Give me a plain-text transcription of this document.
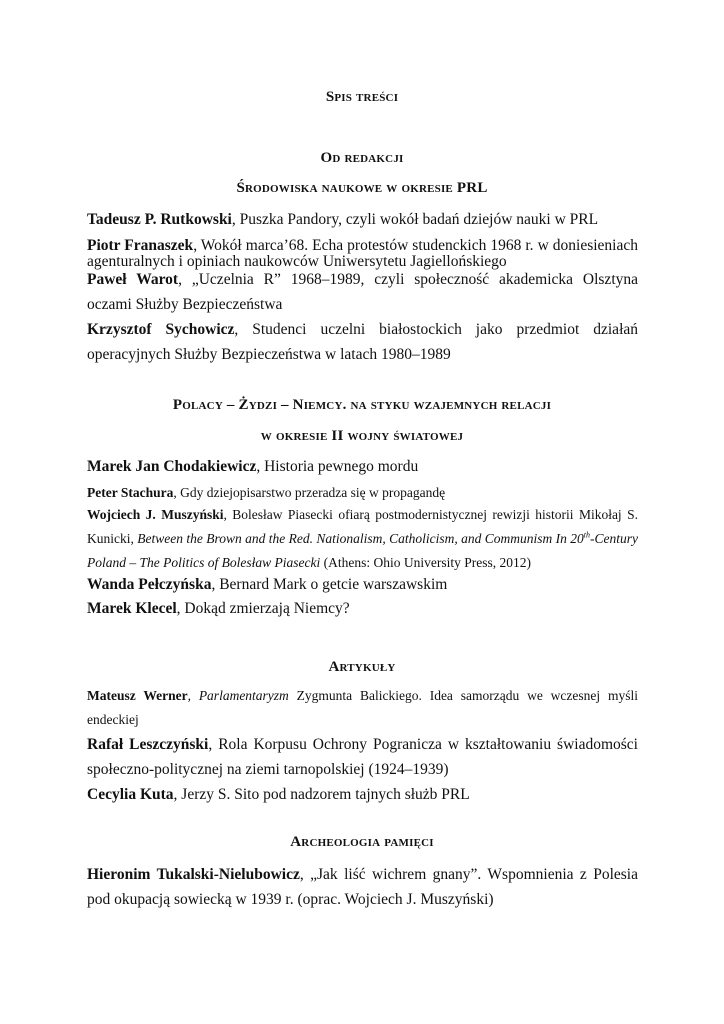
Spis treści
Od redakcji
Środowiska naukowe w okresie PRL

Tadeusz P. Rutkowski, Puszka Pandory, czyli wokół badań dziejów nauki w PRL

Piotr Franaszek, Wokół marca’68. Echa protestów studenckich 1968 r. w doniesieniach agenturalnych i opiniach naukowców Uniwersytetu Jagiellońskiego

Paweł Warot, „Uczelnia R” 1968–1989, czyli społeczność akademicka Olsztyna oczami Służby Bezpieczeństwa

Krzysztof Sychowicz, Studenci uczelni białostockich jako przedmiot działań operacyjnych Służby Bezpieczeństwa w latach 1980–1989

Polacy – Żydzi – Niemcy. na styku wzajemnych relacji
w okresie II wojny światowej

Marek Jan Chodakiewicz, Historia pewnego mordu

Peter Stachura, Gdy dziejopisarstwo przeradza się w propagandę

Wojciech J. Muszyński, Bolesław Piasecki ofiarą postmodernistycznej rewizji historii Mikołaj S. Kunicki, Between the Brown and the Red. Nationalism, Catholicism, and Communism In 20th-Century Poland – The Politics of Bolesław Piasecki (Athens: Ohio University Press, 2012)

Wanda Pełczyńska, Bernard Mark o getcie warszawskim

Marek Klecel, Dokąd zmierzają Niemcy?

Artykuły

Mateusz Werner, Parlamentaryzm Zygmunta Balickiego. Idea samorządu we wczesnej myśli endeckiej

Rafał Leszczyński, Rola Korpusu Ochrony Pogranicza w kształtowaniu świadomości społeczno-politycznej na ziemi tarnopolskiej (1924–1939)

Cecylia Kuta, Jerzy S. Sito pod nadzorem tajnych służb PRL

Archeologia pamięci

Hieronim Tukalski-Nielubowicz, „Jak liść wichrem gnany”. Wspomnienia z Polesia pod okupacją sowiecką w 1939 r. (oprac. Wojciech J. Muszyński)
